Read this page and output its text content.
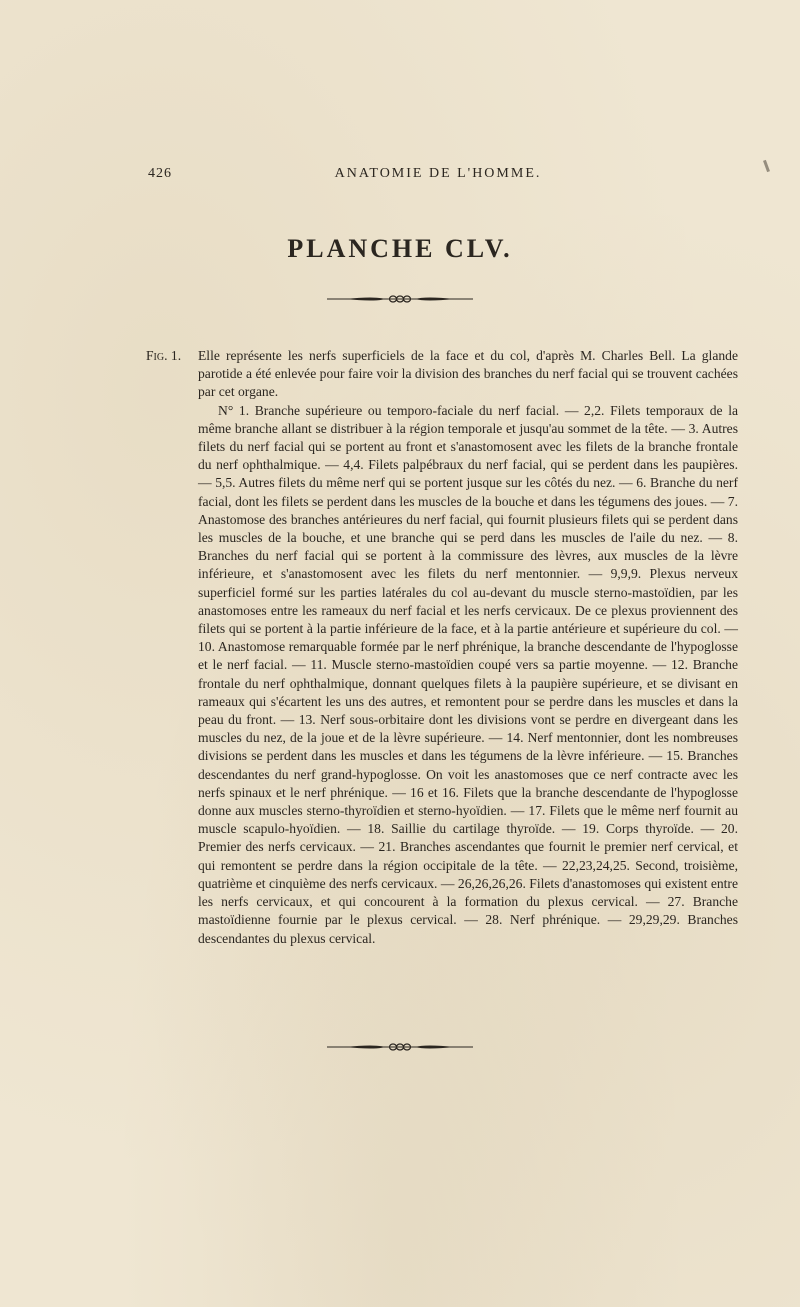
426	ANATOMIE DE L'HOMME.
PLANCHE CLV.
Fig. 1.	Elle représente les nerfs superficiels de la face et du col, d'après M. Charles Bell. La glande parotide a été enlevée pour faire voir la division des branches du nerf facial qui se trouvent cachées par cet organe.

N° 1. Branche supérieure ou temporo-faciale du nerf facial. — 2,2. Filets temporaux de la même branche allant se distribuer à la région temporale et jusqu'au sommet de la tête. — 3. Autres filets du nerf facial qui se portent au front et s'anastomosent avec les filets de la branche frontale du nerf ophthalmique. — 4,4. Filets palpébraux du nerf facial, qui se perdent dans les paupières. — 5,5. Autres filets du même nerf qui se portent jusque sur les côtés du nez. — 6. Branche du nerf facial, dont les filets se perdent dans les muscles de la bouche et dans les tégumens des joues. — 7. Anastomose des branches antérieures du nerf facial, qui fournit plusieurs filets qui se perdent dans les muscles de la bouche, et une branche qui se perd dans les muscles de l'aile du nez. — 8. Branches du nerf facial qui se portent à la commissure des lèvres, aux muscles de la lèvre inférieure, et s'anastomosent avec les filets du nerf mentonnier. — 9,9,9. Plexus nerveux superficiel formé sur les parties latérales du col au-devant du muscle sterno-mastoïdien, par les anastomoses entre les rameaux du nerf facial et les nerfs cervicaux. De ce plexus proviennent des filets qui se portent à la partie inférieure de la face, et à la partie antérieure et supérieure du col. — 10. Anastomose remarquable formée par le nerf phrénique, la branche descendante de l'hypoglosse et le nerf facial. — 11. Muscle sterno-mastoïdien coupé vers sa partie moyenne. — 12. Branche frontale du nerf ophthalmique, donnant quelques filets à la paupière supérieure, et se divisant en rameaux qui s'écartent les uns des autres, et remontent pour se perdre dans les muscles et dans la peau du front. — 13. Nerf sous-orbitaire dont les divisions vont se perdre en divergeant dans les muscles du nez, de la joue et de la lèvre supérieure. — 14. Nerf mentonnier, dont les nombreuses divisions se perdent dans les muscles et dans les tégumens de la lèvre inférieure. — 15. Branches descendantes du nerf grand-hypoglosse. On voit les anastomoses que ce nerf contracte avec les nerfs spinaux et le nerf phrénique. — 16 et 16. Filets que la branche descendante de l'hypoglosse donne aux muscles sterno-thyroïdien et sterno-hyoïdien. — 17. Filets que le même nerf fournit au muscle scapulo-hyoïdien. — 18. Saillie du cartilage thyroïde. — 19. Corps thyroïde. — 20. Premier des nerfs cervicaux. — 21. Branches ascendantes que fournit le premier nerf cervical, et qui remontent se perdre dans la région occipitale de la tête. — 22,23,24,25. Second, troisième, quatrième et cinquième des nerfs cervicaux. — 26,26,26,26. Filets d'anastomoses qui existent entre les nerfs cervicaux, et qui concourent à la formation du plexus cervical. — 27. Branche mastoïdienne fournie par le plexus cervical. — 28. Nerf phrénique. — 29,29,29. Branches descendantes du plexus cervical.
